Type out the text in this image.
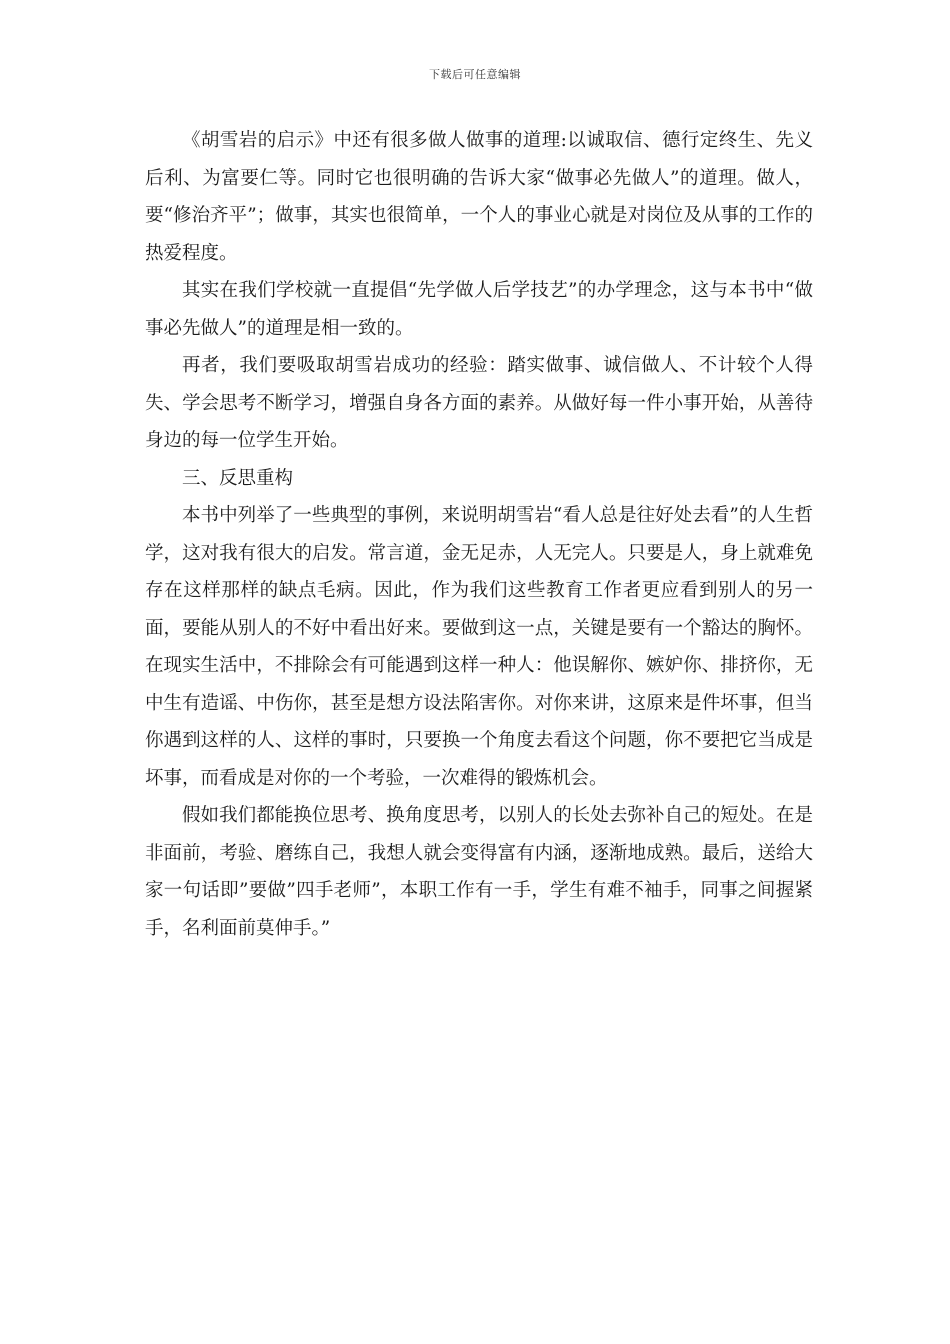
下载后可任意编辑

《胡雪岩的启示》中还有很多做人做事的道理:以诚取信、德行定终生、先义后利、为富要仁等。同时它也很明确的告诉大家“做事必先做人”的道理。做人，要“修治齐平”；做事，其实也很简单，一个人的事业心就是对岗位及从事的工作的热爱程度。

其实在我们学校就一直提倡“先学做人后学技艺”的办学理念，这与本书中“做事必先做人”的道理是相一致的。

再者，我们要吸取胡雪岩成功的经验：踏实做事、诚信做人、不计较个人得失、学会思考不断学习，增强自身各方面的素养。从做好每一件小事开始，从善待身边的每一位学生开始。

三、反思重构

本书中列举了一些典型的事例，来说明胡雪岩“看人总是往好处去看”的人生哲学，这对我有很大的启发。常言道，金无足赤，人无完人。只要是人，身上就难免存在这样那样的缺点毛病。因此，作为我们这些教育工作者更应看到别人的另一面，要能从别人的不好中看出好来。要做到这一点，关键是要有一个豁达的胸怀。在现实生活中，不排除会有可能遇到这样一种人：他误解你、嫉妒你、排挤你，无中生有造谣、中伤你，甚至是想方设法陷害你。对你来讲，这原来是件坏事，但当你遇到这样的人、这样的事时，只要换一个角度去看这个问题，你不要把它当成是坏事，而看成是对你的一个考验，一次难得的锻炼机会。

假如我们都能换位思考、换角度思考，以别人的长处去弥补自己的短处。在是非面前，考验、磨练自己，我想人就会变得富有内涵，逐渐地成熟。最后，送给大家一句话即”要做”四手老师”，本职工作有一手，学生有难不袖手，同事之间握紧手，名利面前莫伸手。”
